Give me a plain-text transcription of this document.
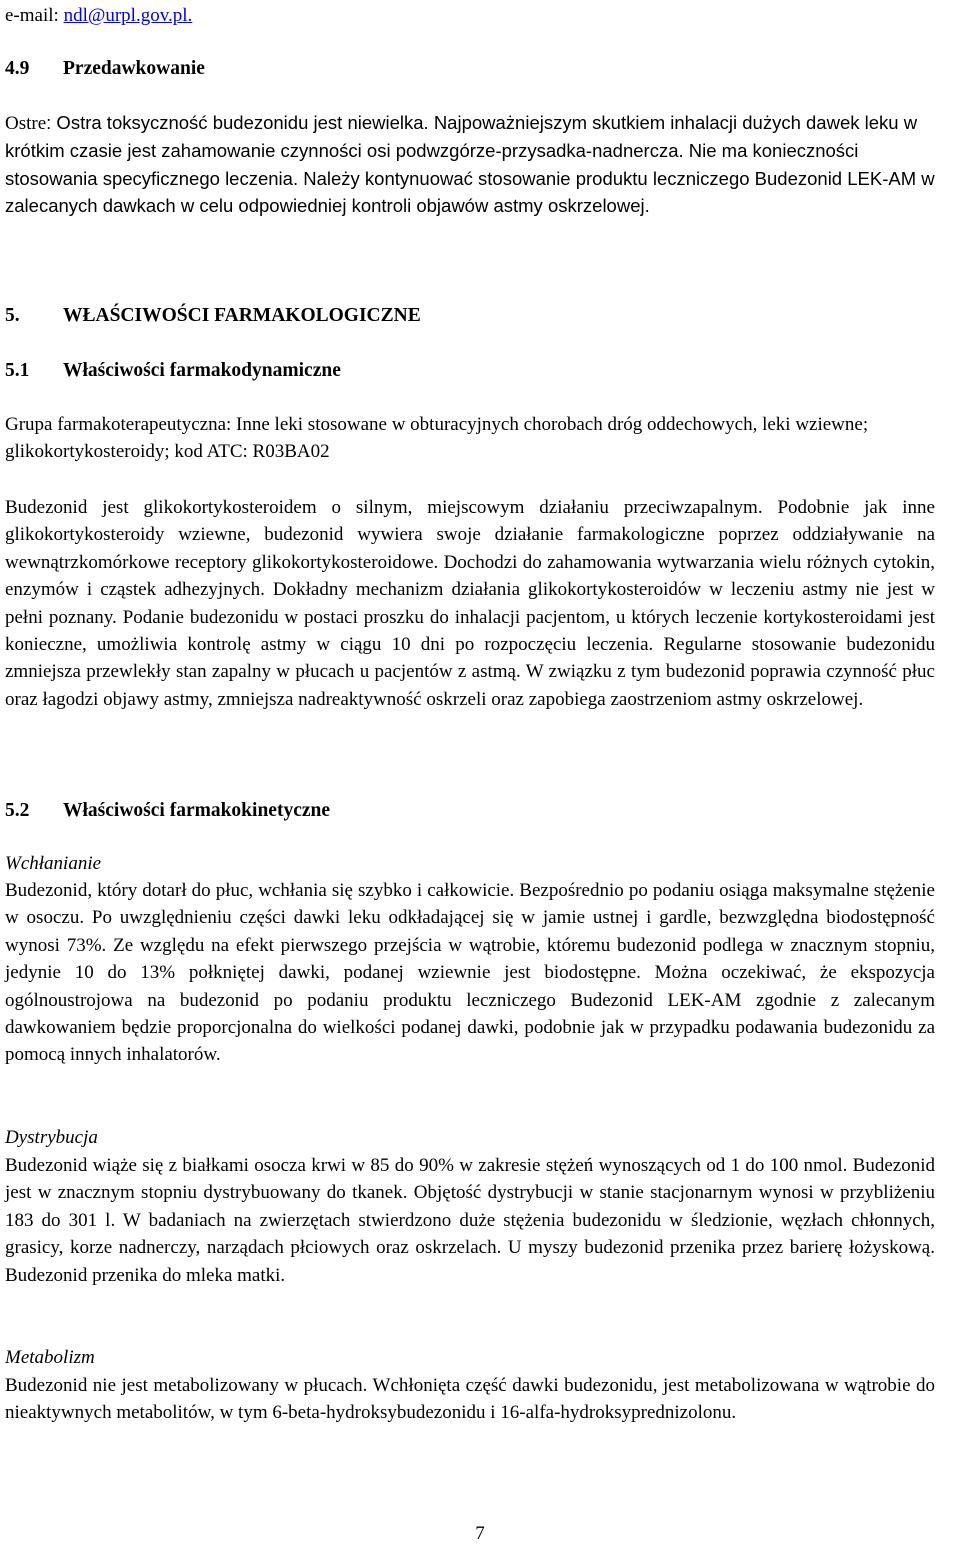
e-mail: ndl@urpl.gov.pl.

4.9 Przedawkowanie

Ostre: Ostra toksyczność budezonidu jest niewielka. Najpoważniejszym skutkiem inhalacji dużych dawek leku w krótkim czasie jest zahamowanie czynności osi podwzgórze-przysadka-nadnercza. Nie ma konieczności stosowania specyficznego leczenia. Należy kontynuować stosowanie produktu leczniczego Budezonid LEK-AM w zalecanych dawkach w celu odpowiedniej kontroli objawów astmy oskrzelowej.

5. WŁAŚCIWOŚCI FARMAKOLOGICZNE
5.1 Właściwości farmakodynamiczne

Grupa farmakoterapeutyczna: Inne leki stosowane w obturacyjnych chorobach dróg oddechowych, leki wziewne; glikokortykosteroidy; kod ATC: R03BA02

Budezonid jest glikokortykosteroidem o silnym, miejscowym działaniu przeciwzapalnym. Podobnie jak inne glikokortykosteroidy wziewne, budezonid wywiera swoje działanie farmakologiczne poprzez oddziaływanie na wewnątrzkomórkowe receptory glikokortykosteroidowe. Dochodzi do zahamowania wytwarzania wielu różnych cytokin, enzymów i cząstek adhezyjnych. Dokładny mechanizm działania glikokortykosteroidów w leczeniu astmy nie jest w pełni poznany. Podanie budezonidu w postaci proszku do inhalacji pacjentom, u których leczenie kortykosteroidami jest konieczne, umożliwia kontrolę astmy w ciągu 10 dni po rozpoczęciu leczenia. Regularne stosowanie budezonidu zmniejsza przewlekły stan zapalny w płucach u pacjentów z astmą. W związku z tym budezonid poprawia czynność płuc oraz łagodzi objawy astmy, zmniejsza nadreaktywność oskrzeli oraz zapobiega zaostrzeniom astmy oskrzelowej.

5.2 Właściwości farmakokinetyczne

Wchłanianie

Budezonid, który dotarł do płuc, wchłania się szybko i całkowicie. Bezpośrednio po podaniu osiąga maksymalne stężenie w osoczu. Po uwzględnieniu części dawki leku odkładającej się w jamie ustnej i gardle, bezwzględna biodostępność wynosi 73%. Ze względu na efekt pierwszego przejścia w wątrobie, któremu budezonid podlega w znacznym stopniu, jedynie 10 do 13% połkniętej dawki, podanej wziewnie jest biodostępne. Można oczekiwać, że ekspozycja ogólnoustrojowa na budezonid po podaniu produktu leczniczego Budezonid LEK-AM zgodnie z zalecanym dawkowaniem będzie proporcjonalna do wielkości podanej dawki, podobnie jak w przypadku podawania budezonidu za pomocą innych inhalatorów.

Dystrybucja

Budezonid wiąże się z białkami osocza krwi w 85 do 90% w zakresie stężeń wynoszących od 1 do 100 nmol. Budezonid jest w znacznym stopniu dystrybuowany do tkanek. Objętość dystrybucji w stanie stacjonarnym wynosi w przybliżeniu 183 do 301 l. W badaniach na zwierzętach stwierdzono duże stężenia budezonidu w śledzionie, węzłach chłonnych, grasicy, korze nadnerczy, narządach płciowych oraz oskrzelach. U myszy budezonid przenika przez barierę łożyskową. Budezonid przenika do mleka matki.

Metabolizm

Budezonid nie jest metabolizowany w płucach. Wchłonięta część dawki budezonidu, jest metabolizowana w wątrobie do nieaktywnych metabolitów, w tym 6-beta-hydroksybudezonidu i 16-alfa-hydroksyprednizolonu.

7
